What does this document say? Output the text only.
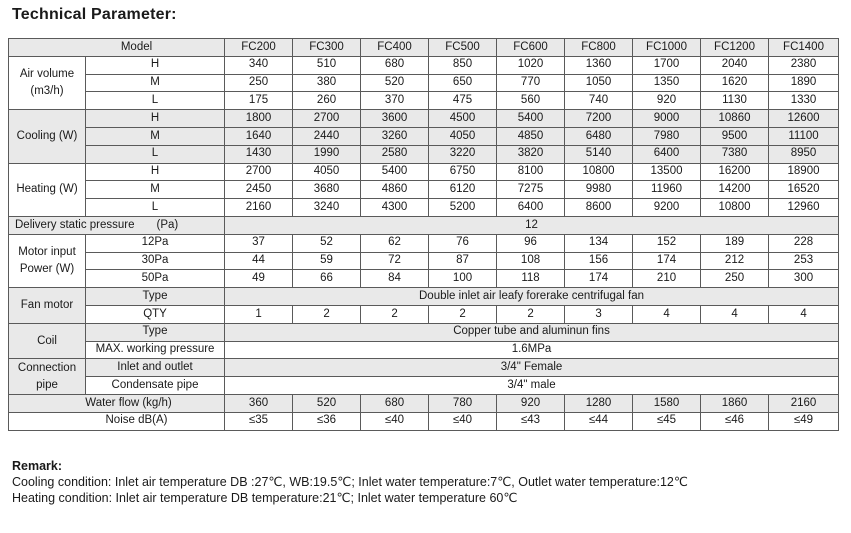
Technical Parameter:
Model		FC200	FC300	FC400	FC500	FC600	FC800	FC1000	FC1200	FC1400
Air volume
(m3/h)	H	340	510	680	850	1020	1360	1700	2040	2380
	M	250	380	520	650	770	1050	1350	1620	1890
	L	175	260	370	475	560	740	920	1130	1330
Cooling (W)	H	1800	2700	3600	4500	5400	7200	9000	10860	12600
	M	1640	2440	3260	4050	4850	6480	7980	9500	11100
	L	1430	1990	2580	3220	3820	5140	6400	7380	8950
Heating (W)	H	2700	4050	5400	6750	8100	10800	13500	16200	18900
	M	2450	3680	4860	6120	7275	9980	11960	14200	16520
	L	2160	3240	4300	5200	6400	8600	9200	10800	12960
Delivery static pressure (Pa)		12								
Motor input
Power (W)	12Pa	37	52	62	76	96	134	152	189	228
	30Pa	44	59	72	87	108	156	174	212	253
	50Pa	49	66	84	100	118	174	210	250	300
Fan motor	Type	Double inlet air leafy forerake centrifugal fan								
	QTY	1	2	2	2	2	3	4	4	4
Coil	Type	Copper tube and aluminun fins								
	MAX. working pressure	1.6MPa								
Connection
pipe	Inlet and outlet	3/4" Female								
	Condensate pipe	3/4" male								
Water flow (kg/h)		360	520	680	780	920	1280	1580	1860	2160
Noise dB(A)		≤35	≤36	≤40	≤40	≤43	≤44	≤45	≤46	≤49
Remark:
Cooling condition: Inlet air temperature DB :27℃, WB:19.5℃; Inlet water temperature:7℃, Outlet water temperature:12℃
Heating condition: Inlet air temperature DB temperature:21℃; Inlet water temperature 60℃
